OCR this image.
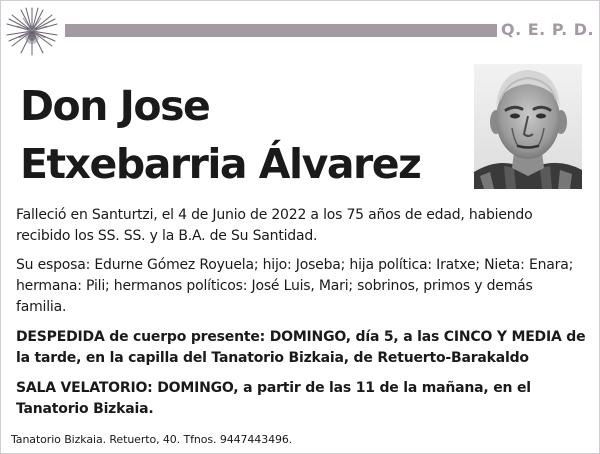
Q. E. P. D.
Don Jose
Etxebarria Álvarez

Falleció en Santurtzi, el 4 de Junio de 2022 a los 75 años de edad, habiendo recibido los SS. SS. y la B.A. de Su Santidad.

Su esposa: Edurne Gómez Royuela; hijo: Joseba; hija política: Iratxe; Nieta: Enara; hermana: Pili; hermanos políticos: José Luis, Mari; sobrinos, primos y demás familia.

DESPEDIDA de cuerpo presente: DOMINGO, día 5, a las CINCO Y MEDIA de la tarde, en la capilla del Tanatorio Bizkaia, de Retuerto-Barakaldo

SALA VELATORIO: DOMINGO, a partir de las 11 de la mañana, en el Tanatorio Bizkaia.

Tanatorio Bizkaia. Retuerto, 40. Tfnos. 9447443496.
